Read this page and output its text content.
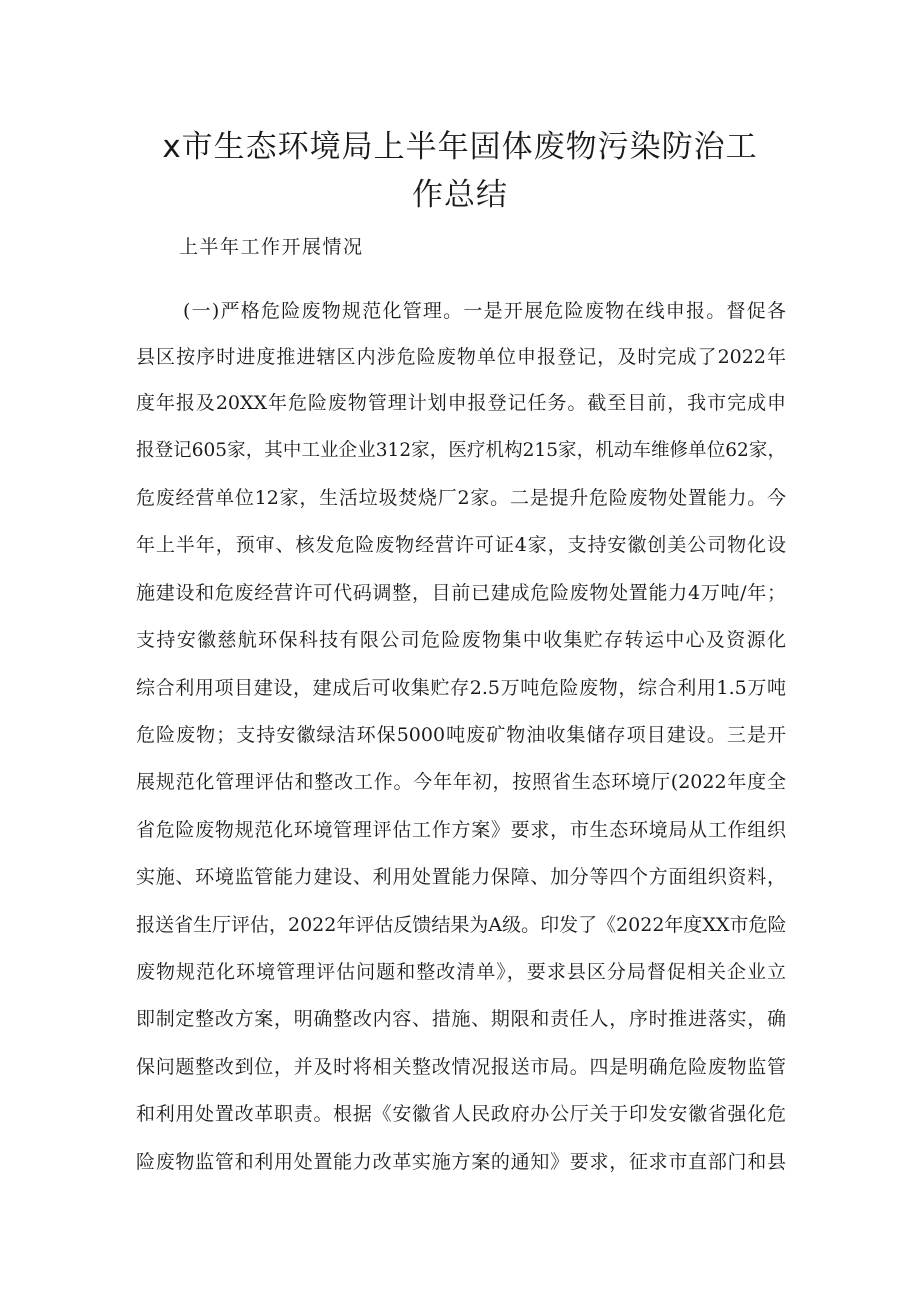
x市生态环境局上半年固体废物污染防治工
作总结
上半年工作开展情况
(一)严格危险废物规范化管理。一是开展危险废物在线申报。督促各
县区按序时进度推进辖区内涉危险废物单位申报登记，及时完成了2022年
度年报及20XX年危险废物管理计划申报登记任务。截至目前，我市完成申
报登记605家，其中工业企业312家，医疗机构215家，机动车维修单位62家，
危废经营单位12家，生活垃圾焚烧厂2家。二是提升危险废物处置能力。今
年上半年，预审、核发危险废物经营许可证4家，支持安徽创美公司物化设
施建设和危废经营许可代码调整，目前已建成危险废物处置能力4万吨/年；
支持安徽慈航环保科技有限公司危险废物集中收集贮存转运中心及资源化
综合利用项目建设，建成后可收集贮存2.5万吨危险废物，综合利用1.5万吨
危险废物；支持安徽绿洁环保5000吨废矿物油收集储存项目建设。三是开
展规范化管理评估和整改工作。今年年初，按照省生态环境厅(2022年度全
省危险废物规范化环境管理评估工作方案》要求，市生态环境局从工作组织
实施、环境监管能力建设、利用处置能力保障、加分等四个方面组织资料，
报送省生厅评估，2022年评估反馈结果为A级。印发了《2022年度XX市危险
废物规范化环境管理评估问题和整改清单》，要求县区分局督促相关企业立
即制定整改方案，明确整改内容、措施、期限和责任人，序时推进落实，确
保问题整改到位，并及时将相关整改情况报送市局。四是明确危险废物监管
和利用处置改革职责。根据《安徽省人民政府办公厅关于印发安徽省强化危
险废物监管和利用处置能力改革实施方案的通知》要求，征求市直部门和县
